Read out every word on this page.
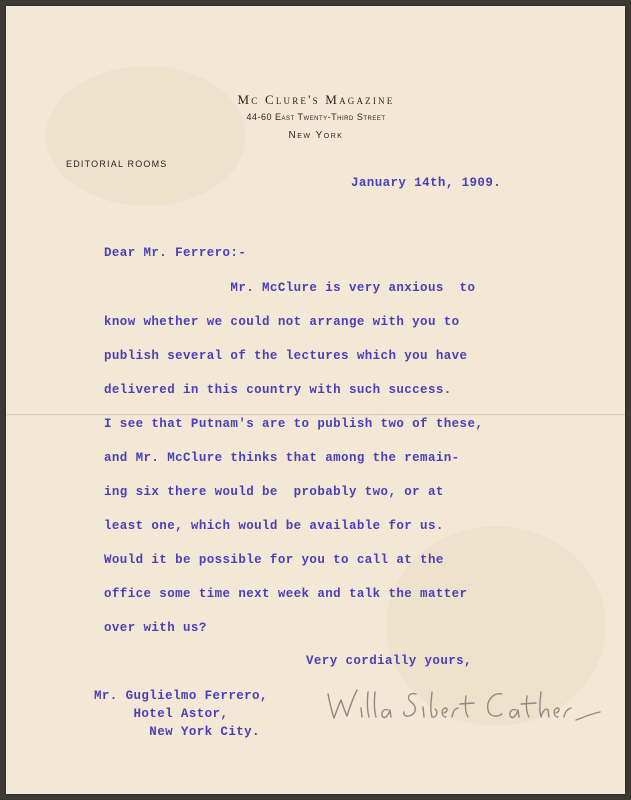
Mc Clure's Magazine
44-60 East Twenty-Third Street
New York
EDITORIAL ROOMS
January 14th, 1909.
Dear Mr. Ferrero:-
Mr. McClure is very anxious  to
know whether we could not arrange with you to
publish several of the lectures which you have
delivered in this country with such success.
I see that Putnam's are to publish two of these,
and Mr. McClure thinks that among the remain-
ing six there would be  probably two, or at
least one, which would be available for us.
Would it be possible for you to call at the
office some time next week and talk the matter
over with us?
Very cordially yours,
Mr. Guglielmo Ferrero,
Hotel Astor,
New York City.
